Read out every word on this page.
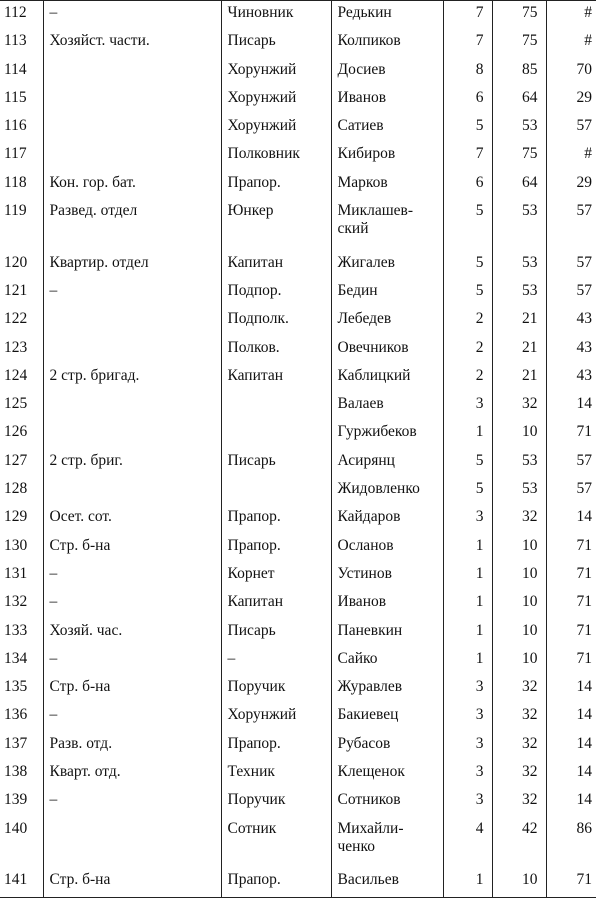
112	–	Чиновник	Редькин	7	75	#
113	Хозяйст. части.	Писарь	Колпиков	7	75	#
114		Хорунжий	Досиев	8	85	70
115		Хорунжий	Иванов	6	64	29
116		Хорунжий	Сатиев	5	53	57
117		Полковник	Кибиров	7	75	#
118	Кон. гор. бат.	Прапор.	Марков	6	64	29
119	Развед. отдел	Юнкер	Миклашев-ский	5	53	57
120	Квартир. отдел	Капитан	Жигалев	5	53	57
121	–	Подпор.	Бедин	5	53	57
122		Подполк.	Лебедев	2	21	43
123		Полков.	Овечников	2	21	43
124	2 стр. бригад.	Капитан	Каблицкий	2	21	43
125			Валаев	3	32	14
126			Гуржибеков	1	10	71
127	2 стр. бриг.	Писарь	Асирянц	5	53	57
128			Жидовленко	5	53	57
129	Осет. сот.	Прапор.	Кайдаров	3	32	14
130	Стр. б-на	Прапор.	Осланов	1	10	71
131	–	Корнет	Устинов	1	10	71
132	–	Капитан	Иванов	1	10	71
133	Хозяй. час.	Писарь	Паневкин	1	10	71
134	–	–	Сайко	1	10	71
135	Стр. б-на	Поручик	Журавлев	3	32	14
136	–	Хорунжий	Бакиевец	3	32	14
137	Разв. отд.	Прапор.	Рубасов	3	32	14
138	Кварт. отд.	Техник	Клещенок	3	32	14
139	–	Поручик	Сотников	3	32	14
140		Сотник	Михайли-ченко	4	42	86
141	Стр. б-на	Прапор.	Васильев	1	10	71
